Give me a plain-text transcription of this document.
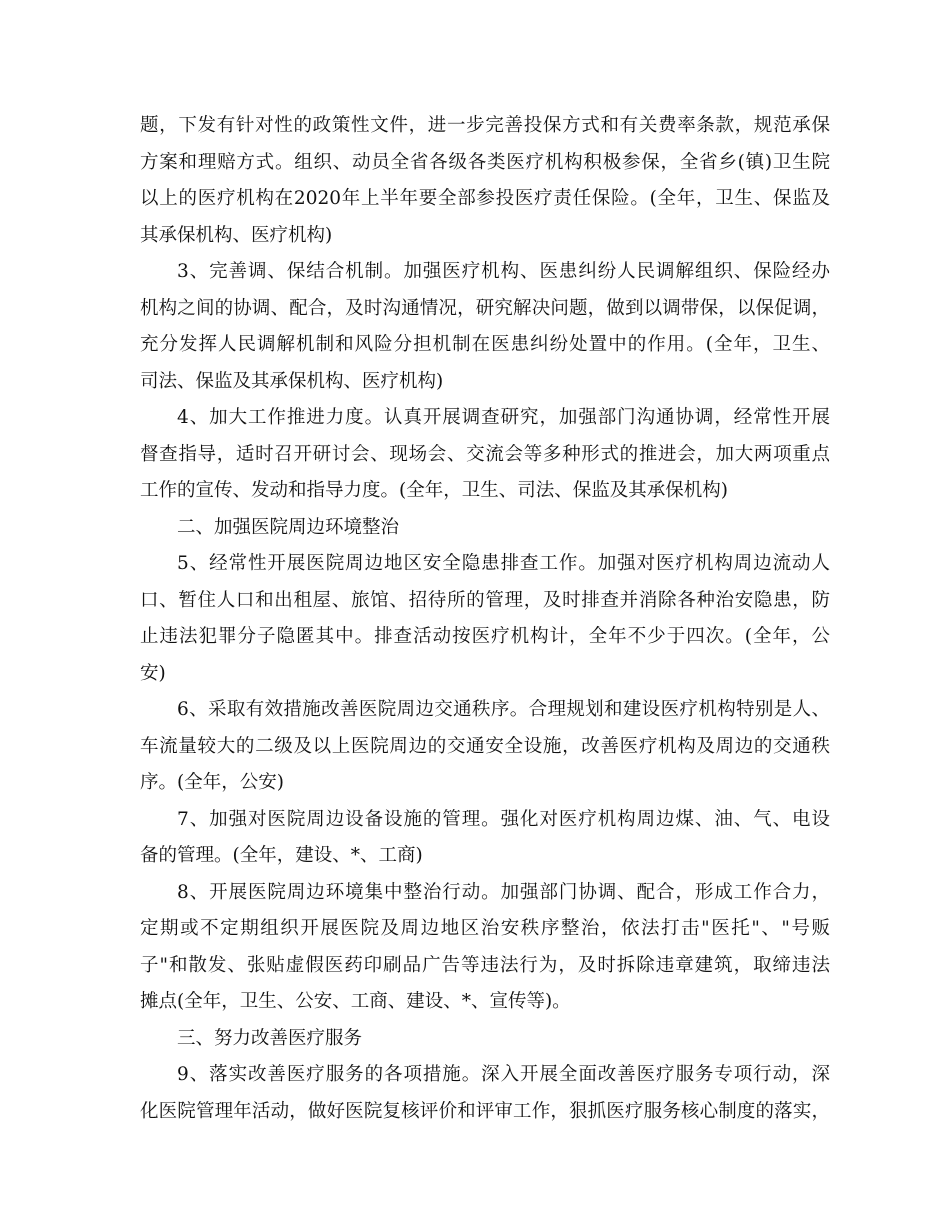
题，下发有针对性的政策性文件，进一步完善投保方式和有关费率条款，规范承保
方案和理赔方式。组织、动员全省各级各类医疗机构积极参保，全省乡(镇)卫生院
以上的医疗机构在2020年上半年要全部参投医疗责任保险。(全年，卫生、保监及
其承保机构、医疗机构)
3、完善调、保结合机制。加强医疗机构、医患纠纷人民调解组织、保险经办
机构之间的协调、配合，及时沟通情况，研究解决问题，做到以调带保，以保促调，
充分发挥人民调解机制和风险分担机制在医患纠纷处置中的作用。(全年，卫生、
司法、保监及其承保机构、医疗机构)
4、加大工作推进力度。认真开展调查研究，加强部门沟通协调，经常性开展
督查指导，适时召开研讨会、现场会、交流会等多种形式的推进会，加大两项重点
工作的宣传、发动和指导力度。(全年，卫生、司法、保监及其承保机构)
二、加强医院周边环境整治
5、经常性开展医院周边地区安全隐患排查工作。加强对医疗机构周边流动人
口、暂住人口和出租屋、旅馆、招待所的管理，及时排查并消除各种治安隐患，防
止违法犯罪分子隐匿其中。排查活动按医疗机构计，全年不少于四次。(全年，公
安)
6、采取有效措施改善医院周边交通秩序。合理规划和建设医疗机构特别是人、
车流量较大的二级及以上医院周边的交通安全设施，改善医疗机构及周边的交通秩
序。(全年，公安)
7、加强对医院周边设备设施的管理。强化对医疗机构周边煤、油、气、电设
备的管理。(全年，建设、*、工商)
8、开展医院周边环境集中整治行动。加强部门协调、配合，形成工作合力，
定期或不定期组织开展医院及周边地区治安秩序整治，依法打击"医托"、"号贩
子"和散发、张贴虚假医药印刷品广告等违法行为，及时拆除违章建筑，取缔违法
摊点(全年，卫生、公安、工商、建设、*、宣传等)。
三、努力改善医疗服务
9、落实改善医疗服务的各项措施。深入开展全面改善医疗服务专项行动，深
化医院管理年活动，做好医院复核评价和评审工作，狠抓医疗服务核心制度的落实，
